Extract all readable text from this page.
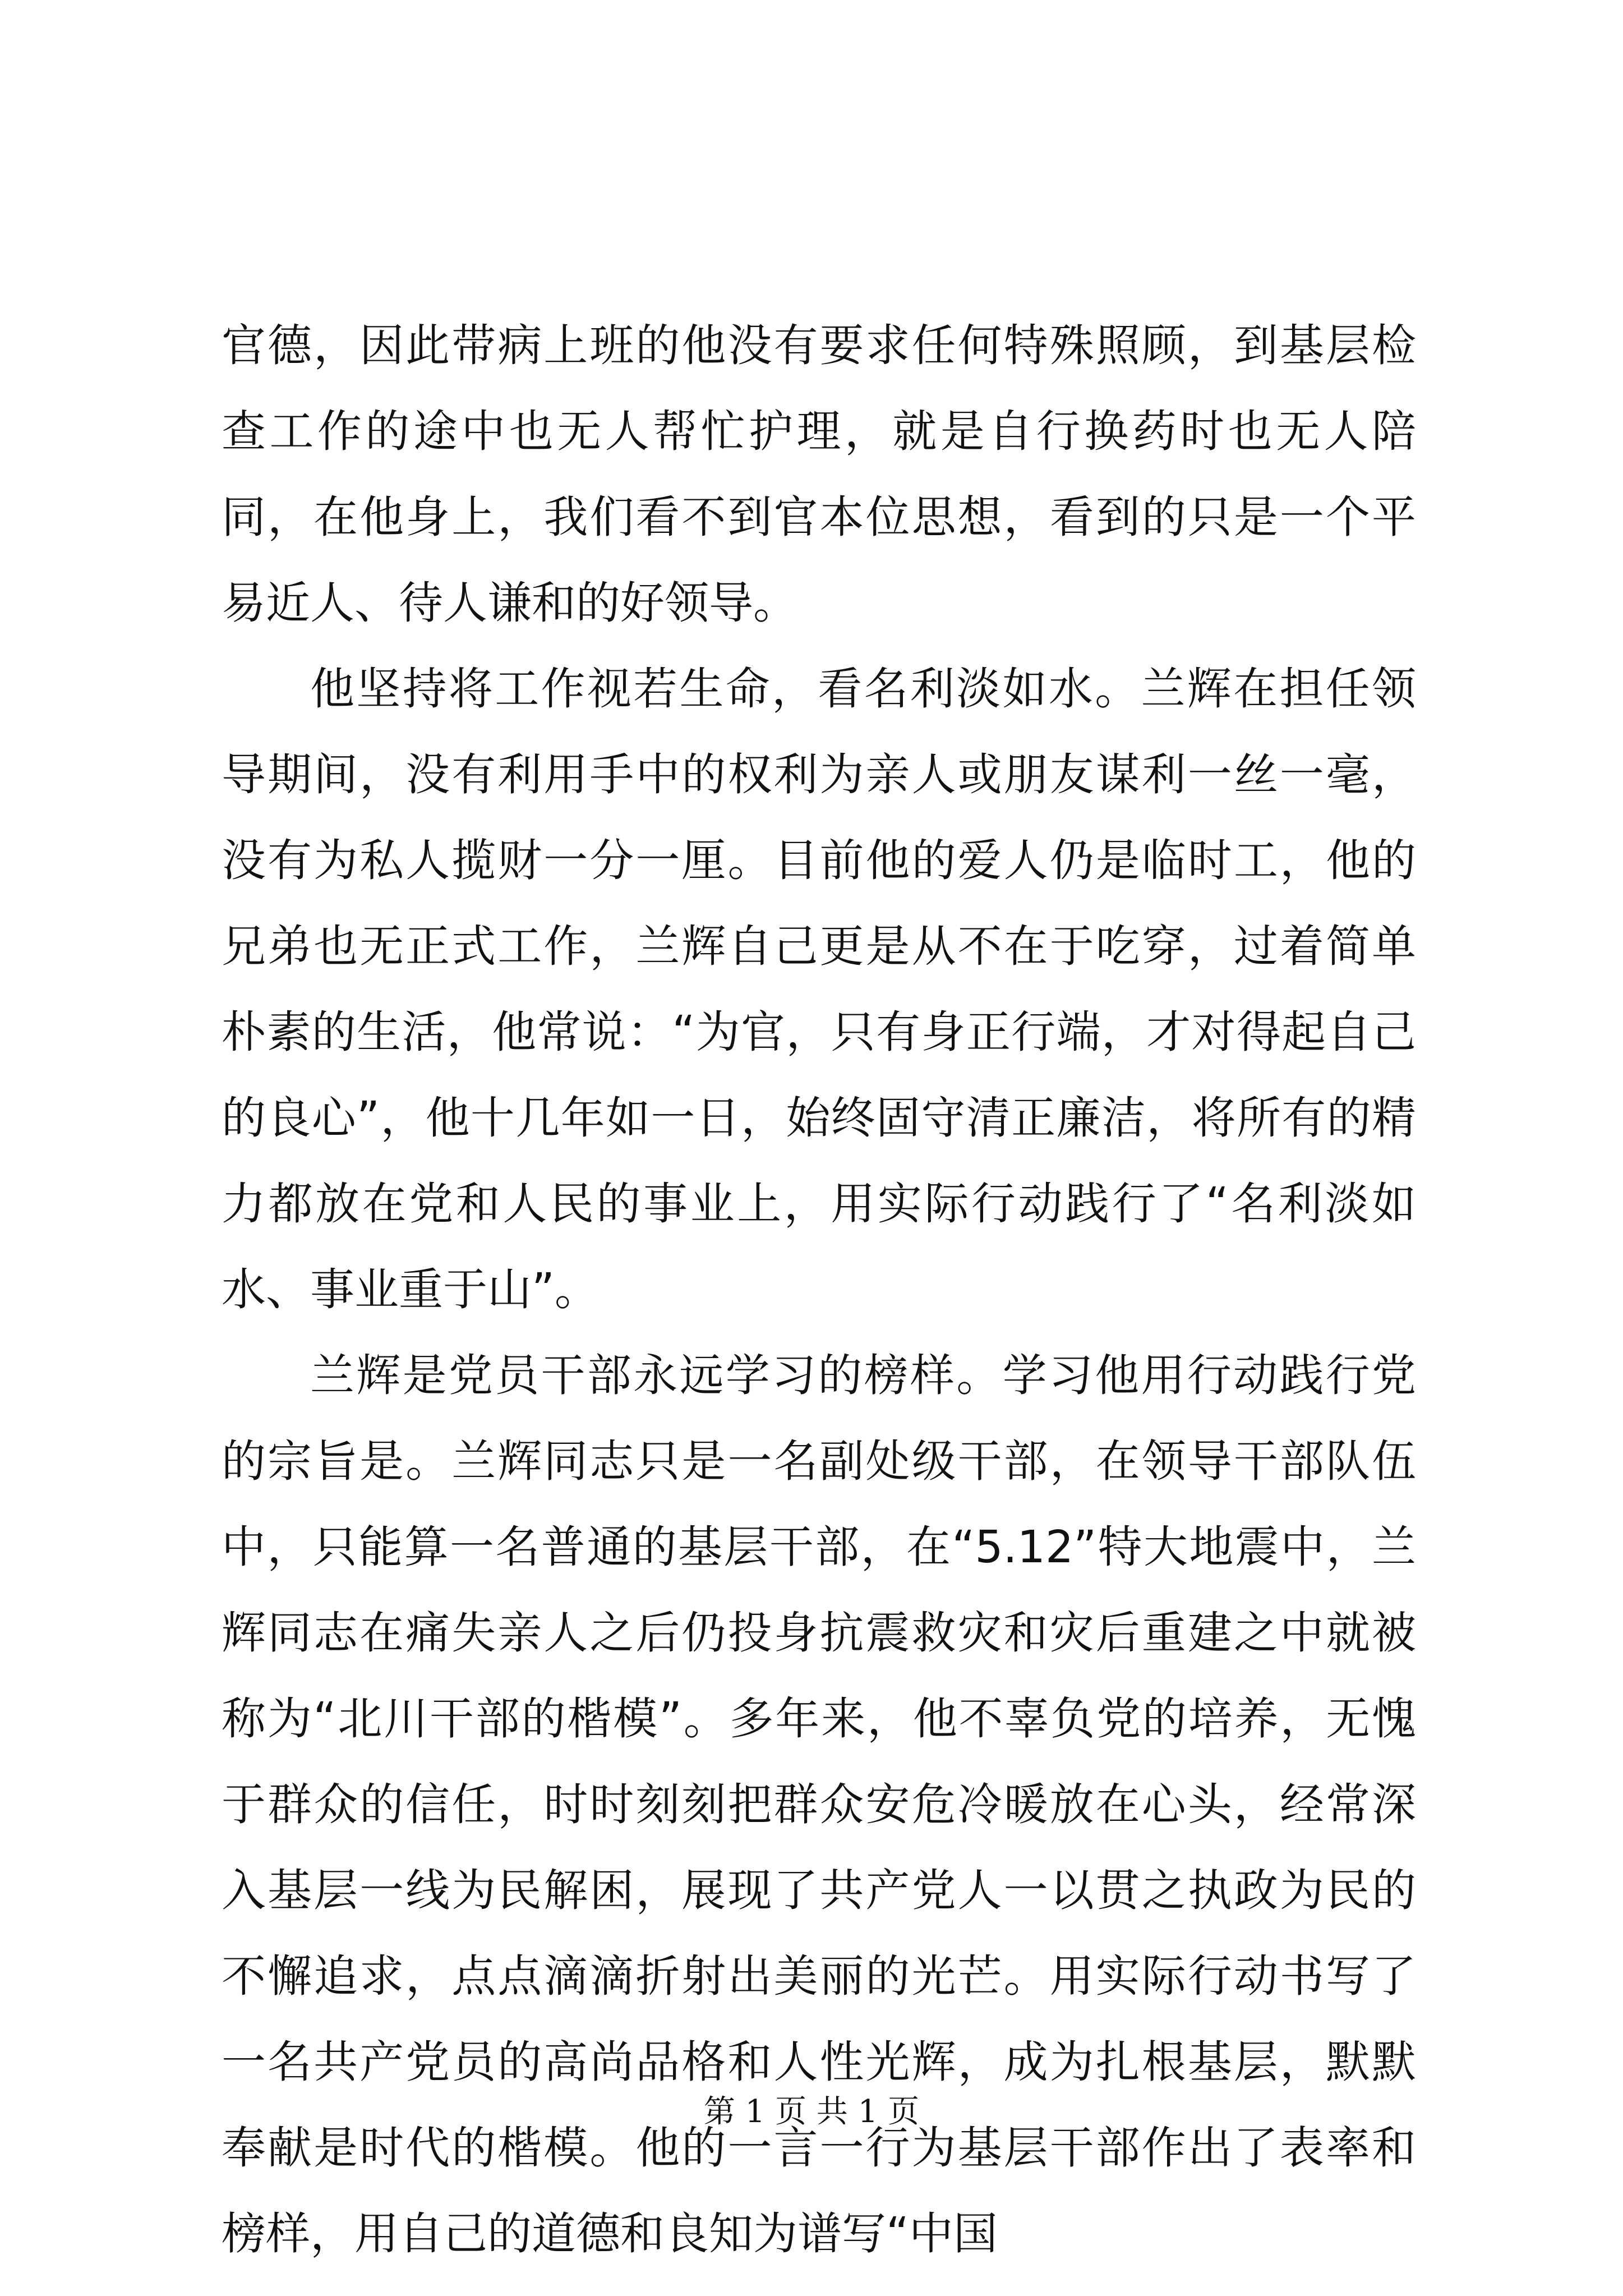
官德，因此带病上班的他没有要求任何特殊照顾，到基层检查工作的途中也无人帮忙护理，就是自行换药时也无人陪同，在他身上，我们看不到官本位思想，看到的只是一个平易近人、待人谦和的好领导。

他坚持将工作视若生命，看名利淡如水。兰辉在担任领导期间，没有利用手中的权利为亲人或朋友谋利一丝一毫，没有为私人揽财一分一厘。目前他的爱人仍是临时工，他的兄弟也无正式工作，兰辉自己更是从不在于吃穿，过着简单朴素的生活，他常说：“为官，只有身正行端，才对得起自己的良心”，他十几年如一日，始终固守清正廉洁，将所有的精力都放在党和人民的事业上，用实际行动践行了“名利淡如水、事业重于山”。

兰辉是党员干部永远学习的榜样。学习他用行动践行党的宗旨是。兰辉同志只是一名副处级干部，在领导干部队伍中，只能算一名普通的基层干部，在“5.12”特大地震中，兰辉同志在痛失亲人之后仍投身抗震救灾和灾后重建之中就被称为“北川干部的楷模”。多年来，他不辜负党的培养，无愧于群众的信任，时时刻刻把群众安危冷暖放在心头，经常深入基层一线为民解困，展现了共产党人一以贯之执政为民的不懈追求，点点滴滴折射出美丽的光芒。用实际行动书写了一名共产党员的高尚品格和人性光辉，成为扎根基层，默默奉献是时代的楷模。他的一言一行为基层干部作出了表率和榜样，用自己的道德和良知为谱写“中国

第 1 页 共 1 页
